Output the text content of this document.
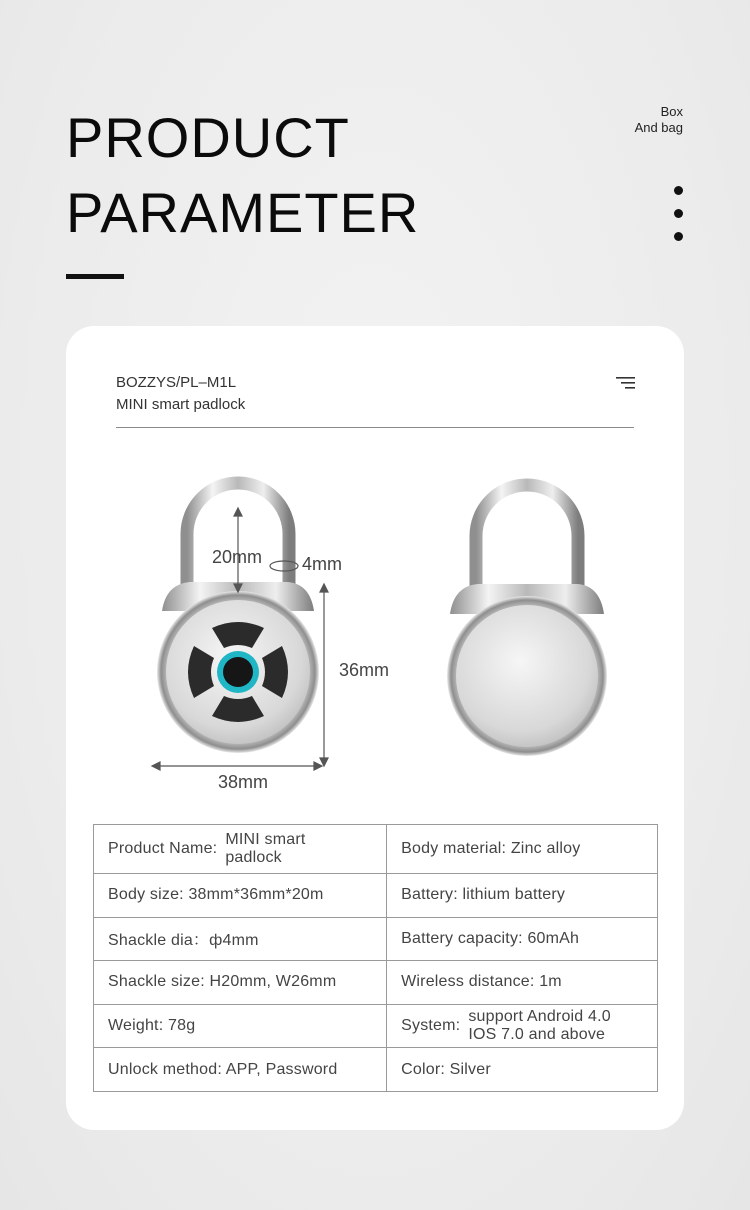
PRODUCT
PARAMETER
Box
And bag
BOZZYS/PL–M1L
MINI smart padlock
20mm 4mm
36mm
38mm
Product Name:
MINI smart
padlock	Body material: Zinc alloy
Body size: 38mm*36mm*20m	Battery: lithium battery
Shackle dia：ф4mm	Battery capacity: 60mAh
Shackle size: H20mm, W26mm	Wireless distance: 1m
Weight: 78g	System:
support Android 4.0
IOS 7.0 and above

Unlock method: APP, Password	Color: Silver
